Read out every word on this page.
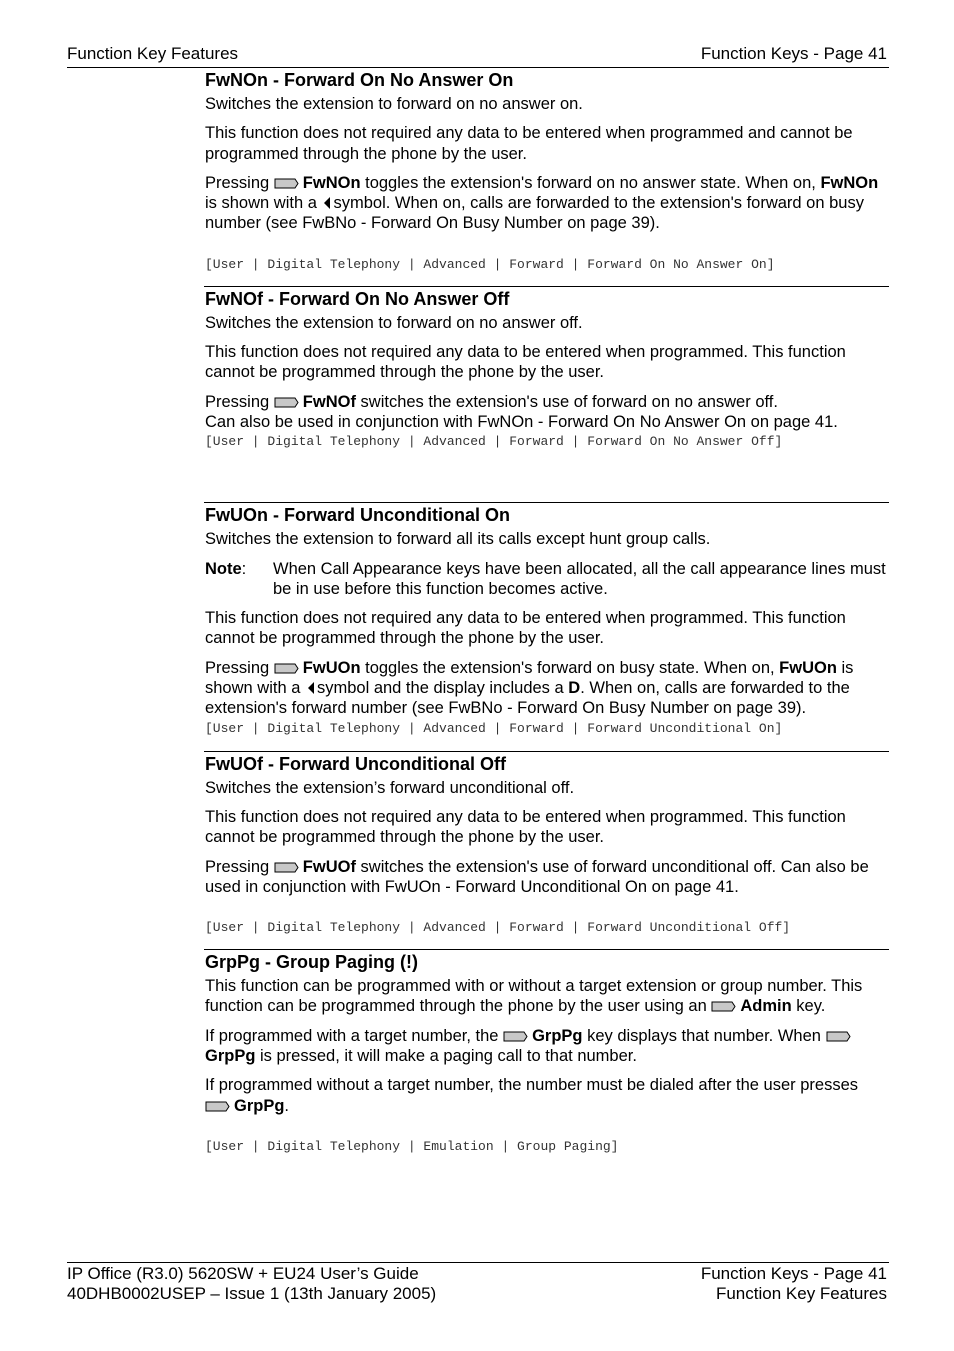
Function Key Features	Function Keys - Page 41
FwNOn - Forward On No Answer On

Switches the extension to forward on no answer on.

This function does not required any data to be entered when programmed and cannot be programmed through the phone by the user.

Pressing
FwNOn toggles the extension's forward on no answer state. When on, FwNOn is shown with a symbol. When on, calls are forwarded to the extension's forward on busy number (see FwBNo - Forward On Busy Number on page 39).

[User | Digital Telephony | Advanced | Forward | Forward On No Answer On]

FwNOf - Forward On No Answer Off

Switches the extension to forward on no answer off.

This function does not required any data to be entered when programmed. This function cannot be programmed through the phone by the user.

Pressing
FwNOf switches the extension's use of forward on no answer off.

Can also be used in conjunction with FwNOn - Forward On No Answer On on page 41.

[User | Digital Telephony | Advanced | Forward | Forward On No Answer Off]

FwUOn - Forward Unconditional On

Switches the extension to forward all its calls except hunt group calls.

Note:	When Call Appearance keys have been allocated, all the call appearance lines must be in use before this function becomes active.

This function does not required any data to be entered when programmed. This function cannot be programmed through the phone by the user.

Pressing
FwUOn toggles the extension's forward on busy state. When on, FwUOn is shown with a symbol and the display includes a D. When on, calls are forwarded to the extension's forward number (see FwBNo - Forward On Busy Number on page 39).

[User | Digital Telephony | Advanced | Forward | Forward Unconditional On]

FwUOf - Forward Unconditional Off

Switches the extension’s forward unconditional off.

This function does not required any data to be entered when programmed. This function cannot be programmed through the phone by the user.

Pressing
FwUOf switches the extension's use of forward unconditional off. Can also be used in conjunction with FwUOn - Forward Unconditional On on page 41.

[User | Digital Telephony | Advanced | Forward | Forward Unconditional Off]

GrpPg - Group Paging (!)

This function can be programmed with or without a target extension or group number. This function can be programmed through the phone by the user using an
Admin key.

If programmed with a target number, the
GrpPg key displays that number. When
GrpPg is pressed, it will make a paging call to that number.

If programmed without a target number, the number must be dialed after the user presses
GrpPg.

[User | Digital Telephony | Emulation | Group Paging]

IP Office (R3.0) 5620SW + EU24 User’s Guide
40DHB0002USEP – Issue 1 (13th January 2005)
Function Keys - Page 41
Function Key Features
